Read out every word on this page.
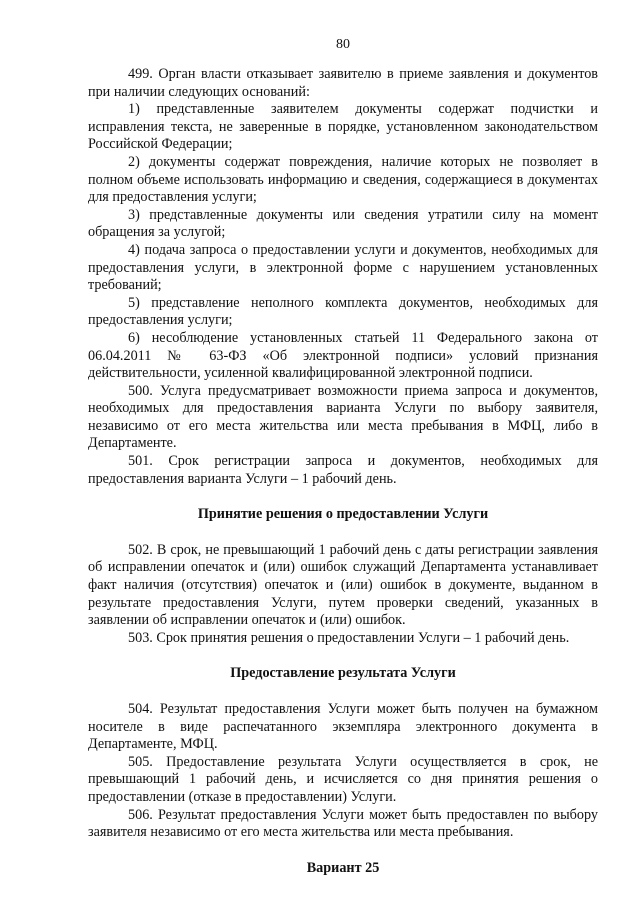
80

499. Орган власти отказывает заявителю в приеме заявления и документов при наличии следующих оснований:

1) представленные заявителем документы содержат подчистки и исправления текста, не заверенные в порядке, установленном законодательством Российской Федерации;

2) документы содержат повреждения, наличие которых не позволяет в полном объеме использовать информацию и сведения, содержащиеся в документах для предоставления услуги;

3) представленные документы или сведения утратили силу на момент обращения за услугой;

4) подача запроса о предоставлении услуги и документов, необходимых для предоставления услуги, в электронной форме с нарушением установленных требований;

5) представление неполного комплекта документов, необходимых для предоставления услуги;

6) несоблюдение установленных статьей 11 Федерального закона от 06.04.2011 № 63-ФЗ «Об электронной подписи» условий признания действительности, усиленной квалифицированной электронной подписи.

500. Услуга предусматривает возможности приема запроса и документов, необходимых для предоставления варианта Услуги по выбору заявителя, независимо от его места жительства или места пребывания в МФЦ, либо в Департаменте.

501. Срок регистрации запроса и документов, необходимых для предоставления варианта Услуги – 1 рабочий день.

Принятие решения о предоставлении Услуги

502. В срок, не превышающий 1 рабочий день с даты регистрации заявления об исправлении опечаток и (или) ошибок служащий Департамента устанавливает факт наличия (отсутствия) опечаток и (или) ошибок в документе, выданном в результате предоставления Услуги, путем проверки сведений, указанных в заявлении об исправлении опечаток и (или) ошибок.

503. Срок принятия решения о предоставлении Услуги – 1 рабочий день.

Предоставление результата Услуги

504. Результат предоставления Услуги может быть получен на бумажном носителе в виде распечатанного экземпляра электронного документа в Департаменте, МФЦ.

505. Предоставление результата Услуги осуществляется в срок, не превышающий 1 рабочий день, и исчисляется со дня принятия решения о предоставлении (отказе в предоставлении) Услуги.

506. Результат предоставления Услуги может быть предоставлен по выбору заявителя независимо от его места жительства или места пребывания.

Вариант 25
